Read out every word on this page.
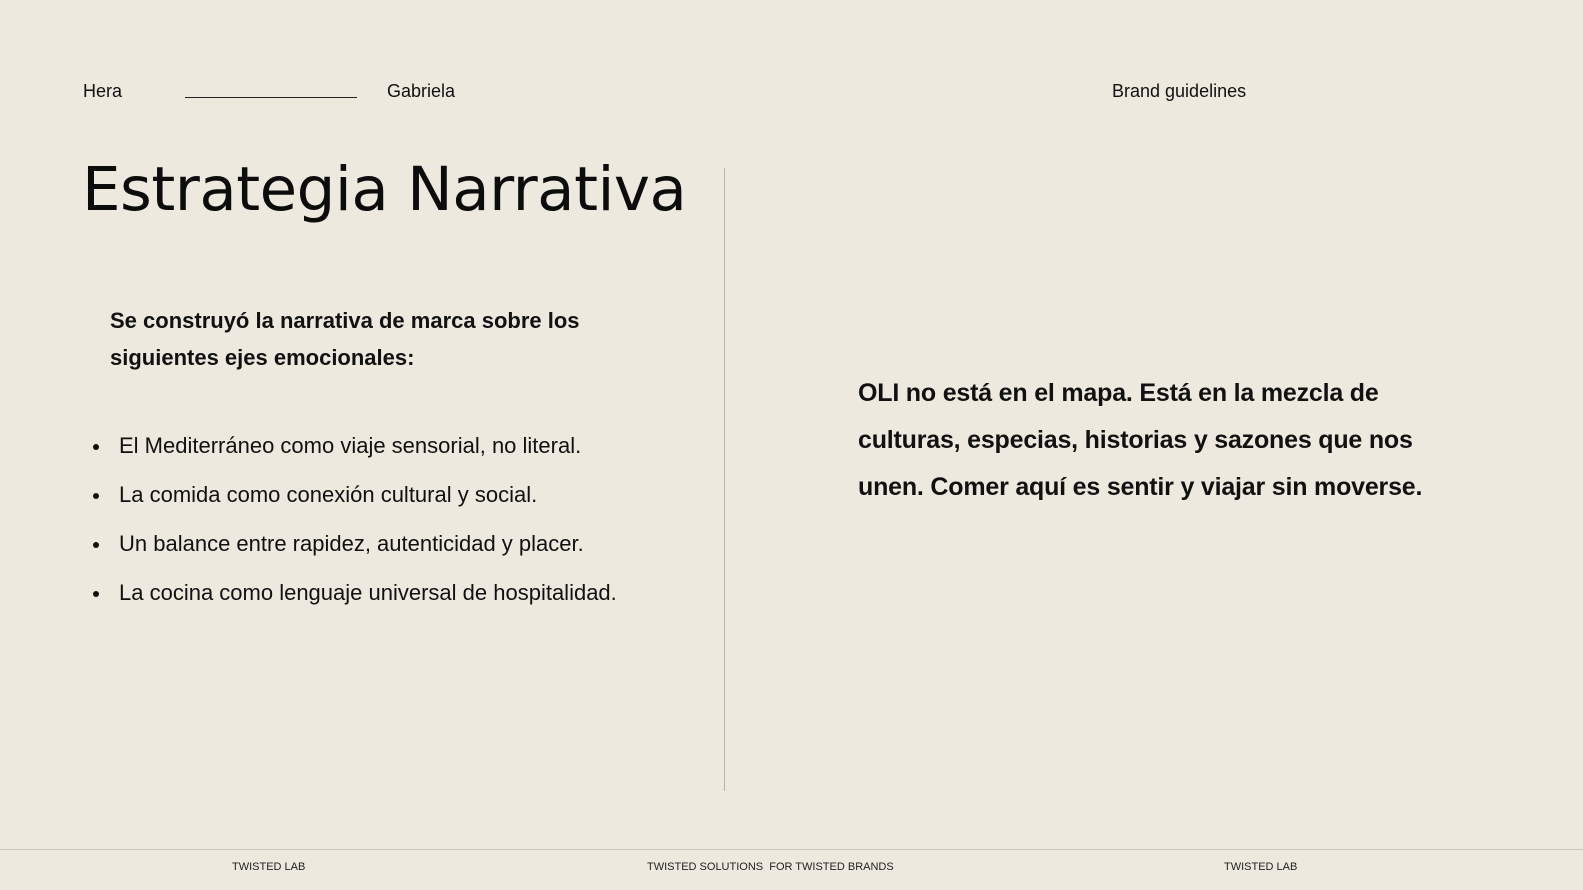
Hera	Gabriela	Brand guidelines
Estrategia Narrativa

Se construyó la narrativa de marca sobre los siguientes ejes emocionales:

El Mediterráneo como viaje sensorial, no literal.
La comida como conexión cultural y social.
Un balance entre rapidez, autenticidad y placer.
La cocina como lenguaje universal de hospitalidad.

OLI no está en el mapa. Está en la mezcla de culturas, especias, historias y sazones que nos unen. Comer aquí es sentir y viajar sin moverse.

TWISTED LAB	TWISTED SOLUTIONS  FOR TWISTED BRANDS	TWISTED LAB
